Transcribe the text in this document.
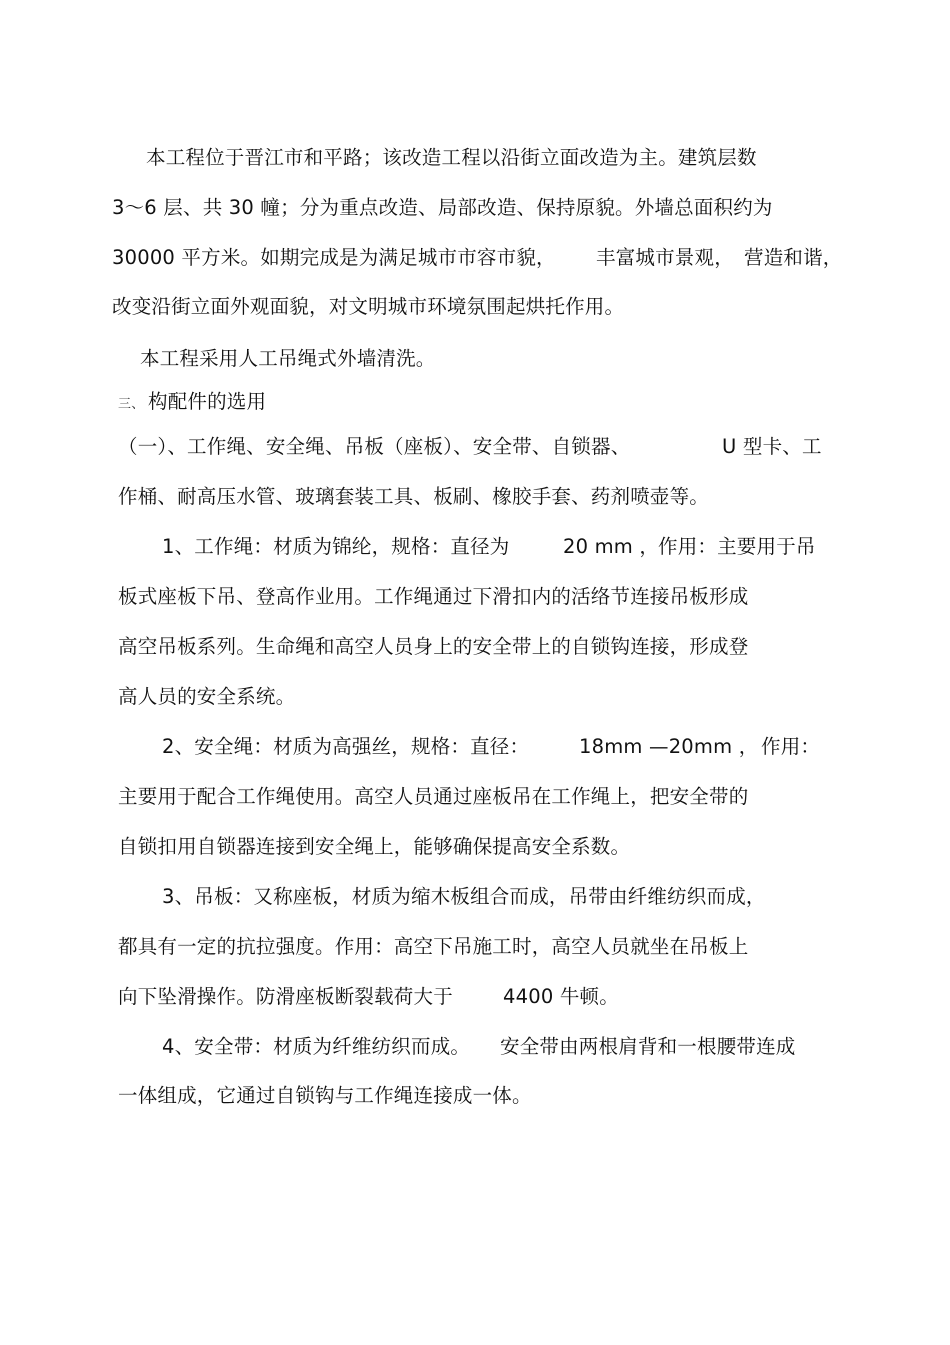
本工程位于晋江市和平路；该改造工程以沿街立面改造为主。建筑层数
3～6 层、共 30 幢；分为重点改造、局部改造、保持原貌。外墙总面积约为
30000 平方米。如期完成是为满足城市市容市貌， 丰富城市景观， 营造和谐，
改变沿街立面外观面貌，对文明城市环境氛围起烘托作用。
本工程采用人工吊绳式外墙清洗。
三、 构配件的选用
（一）、工作绳、安全绳、吊板（座板）、安全带、自锁器、	U 型卡、工
作桶、耐高压水管、玻璃套装工具、板刷、橡胶手套、药剂喷壶等。
1、工作绳：材质为锦纶，规格：直径为	20 mm ，
作用：主要用于吊
板式座板下吊、登高作业用。工作绳通过下滑扣内的活络节连接吊板形成
高空吊板系列。生命绳和高空人员身上的安全带上的自锁钩连接，形成登
高人员的安全系统。
2、安全绳：材质为高强丝，规格：直径：	18mm —20mm ， 作用：
主要用于配合工作绳使用。高空人员通过座板吊在工作绳上，把安全带的
自锁扣用自锁器连接到安全绳上，能够确保提高安全系数。
3、吊板：又称座板，材质为缩木板组合而成，吊带由纤维纺织而成，
都具有一定的抗拉强度。作用：高空下吊施工时，高空人员就坐在吊板上
向下坠滑操作。防滑座板断裂载荷大于	4400 牛顿。
4、安全带：材质为纤维纺织而成。 安全带由两根肩背和一根腰带连成
一体组成，它通过自锁钩与工作绳连接成一体。
